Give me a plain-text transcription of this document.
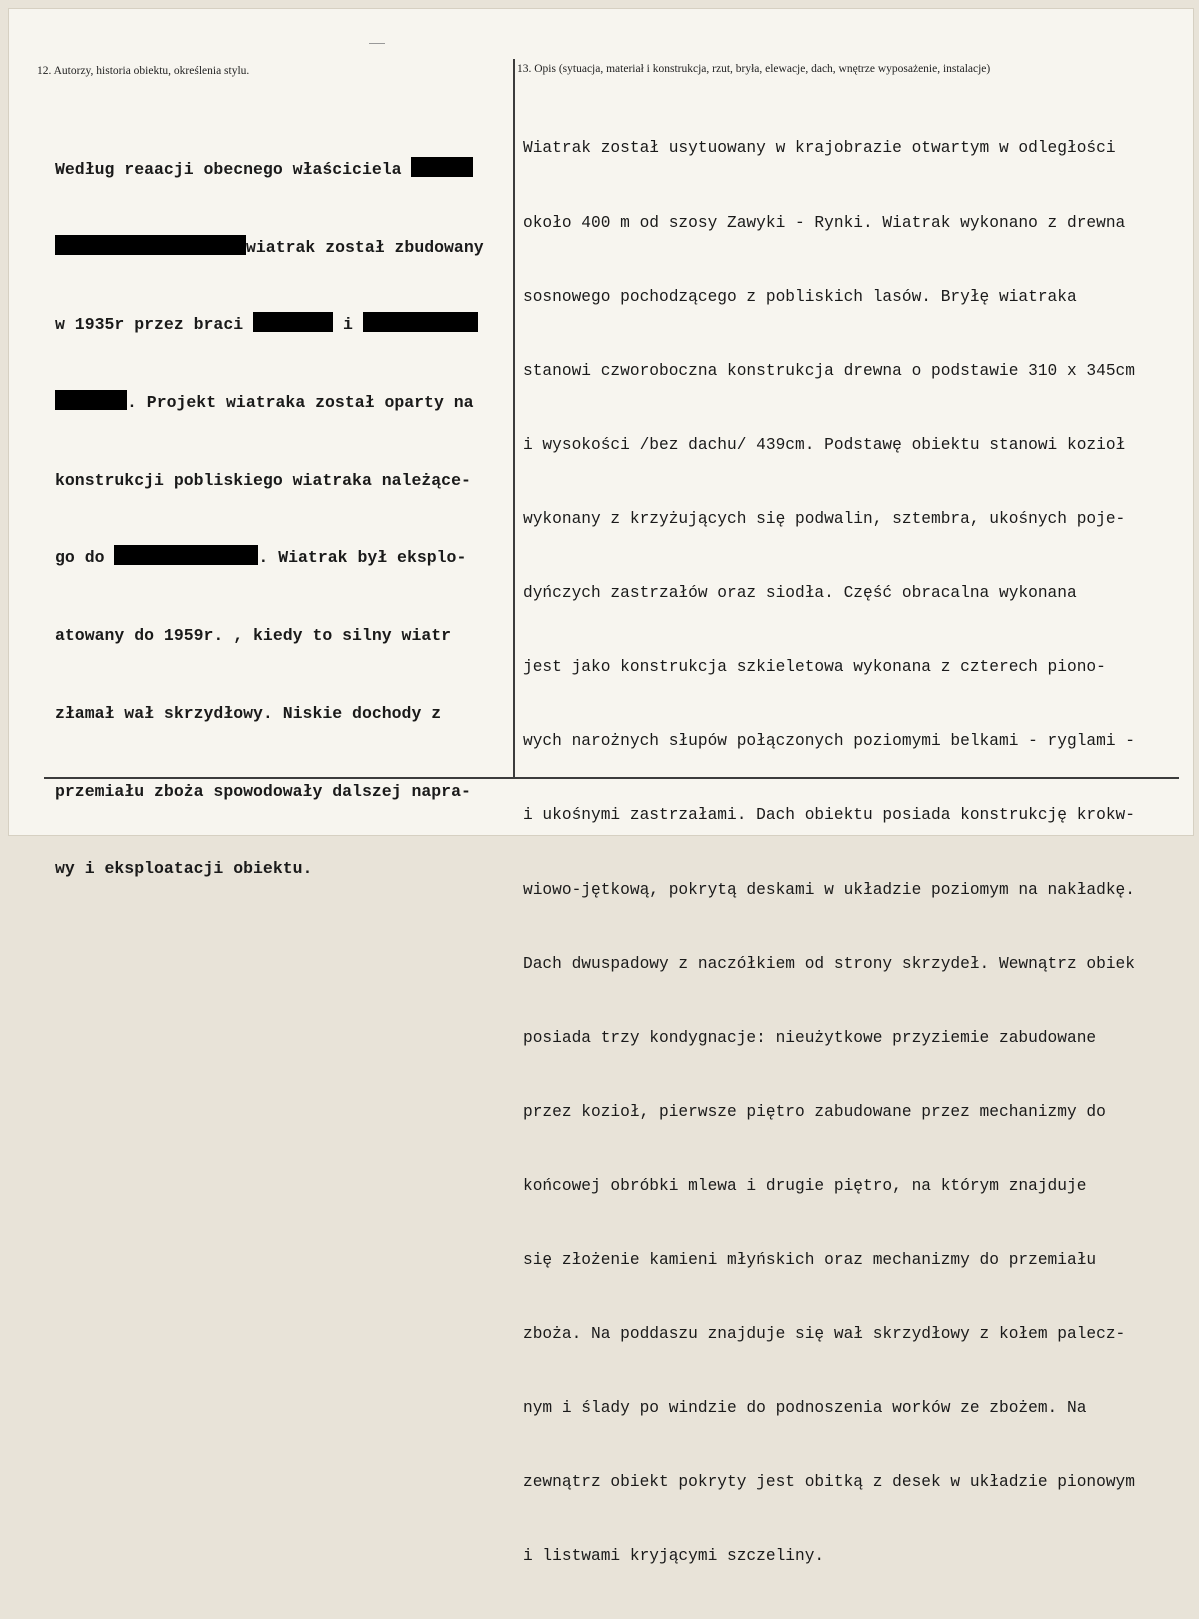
12. Autorzy, historia obiektu, określenia stylu.	13. Opis (sytuacja, materiał i konstrukcja, rzut, bryła, elewacje, dach, wnętrze wyposażenie, instalacje)

Według reaacji obecnego właściciela

wiatrak został zbudowany

w 1935r przez braci	i

. Projekt wiatraka został oparty na

konstrukcji pobliskiego wiatraka należące-

go do	. Wiatrak był eksplo-

atowany do 1959r. , kiedy to silny wiatr

złamał wał skrzydłowy. Niskie dochody z

przemiału zboża spowodowały dalszej napra-

wy i eksploatacji obiektu.

Wiatrak został usytuowany w krajobrazie otwartym w odległości

około 400 m od szosy Zawyki - Rynki. Wiatrak wykonano z drewna

sosnowego pochodzącego z pobliskich lasów. Bryłę wiatraka

stanowi czworoboczna konstrukcja drewna o podstawie 310 x 345cm

i wysokości /bez dachu/ 439cm. Podstawę obiektu stanowi kozioł

wykonany z krzyżujących się podwalin, sztembra, ukośnych poje-

dyńczych zastrzałów oraz siodła. Część obracalna wykonana

jest jako konstrukcja szkieletowa wykonana z czterech piono-

wych narożnych słupów połączonych poziomymi belkami - ryglami -

i ukośnymi zastrzałami. Dach obiektu posiada konstrukcję krokw-

wiowo-jętkową, pokrytą deskami w układzie poziomym na nakładkę.

Dach dwuspadowy z naczółkiem od strony skrzydeł. Wewnątrz obiek

posiada trzy kondygnacje: nieużytkowe przyziemie zabudowane

przez kozioł, pierwsze piętro zabudowane przez mechanizmy do

końcowej obróbki mlewa i drugie piętro, na którym znajduje

się złożenie kamieni młyńskich oraz mechanizmy do przemiału

zboża. Na poddaszu znajduje się wał skrzydłowy z kołem palecz-

nym i ślady po windzie do podnoszenia worków ze zbożem. Na

zewnątrz obiekt pokryty jest obitką z desek w układzie pionowym

i listwami kryjącymi szczeliny.
